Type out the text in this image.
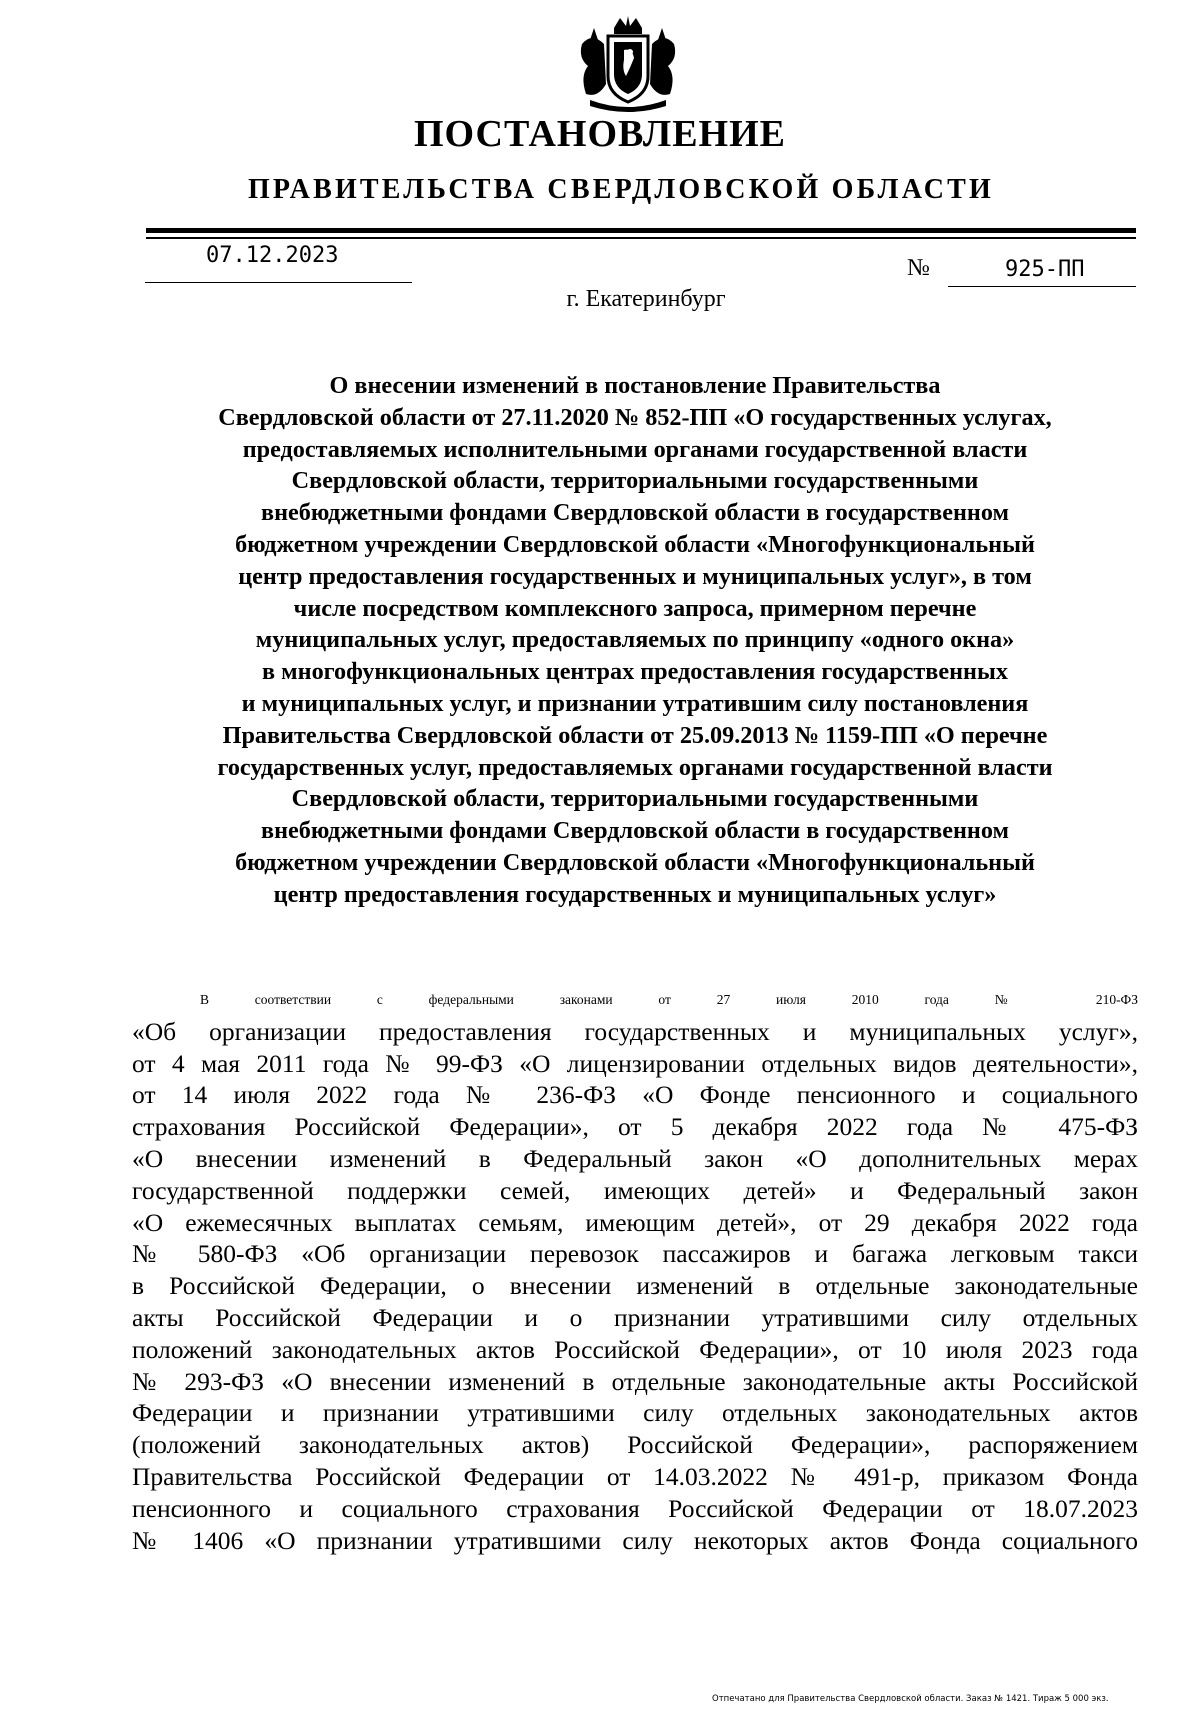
ПОСТАНОВЛЕНИЕ
ПРАВИТЕЛЬСТВА СВЕРДЛОВСКОЙ ОБЛАСТИ
07.12.2023	№	925-ПП
г. Екатеринбург
О внесении изменений в постановление Правительства
Свердловской области от 27.11.2020 № 852-ПП «О государственных услугах,
предоставляемых исполнительными органами государственной власти
Свердловской области, территориальными государственными
внебюджетными фондами Свердловской области в государственном
бюджетном учреждении Свердловской области «Многофункциональный
центр предоставления государственных и муниципальных услуг», в том
числе посредством комплексного запроса, примерном перечне
муниципальных услуг, предоставляемых по принципу «одного окна»
в многофункциональных центрах предоставления государственных
и муниципальных услуг, и признании утратившим силу постановления
Правительства Свердловской области от 25.09.2013 № 1159-ПП «О перечне
государственных услуг, предоставляемых органами государственной власти
Свердловской области, территориальными государственными
внебюджетными фондами Свердловской области в государственном
бюджетном учреждении Свердловской области «Многофункциональный
центр предоставления государственных и муниципальных услуг»
В соответствии с федеральными законами от 27 июля 2010 года № 210-ФЗ
«Об организации предоставления государственных и муниципальных услуг»,
от 4 мая 2011 года № 99-ФЗ «О лицензировании отдельных видов деятельности»,
от 14 июля 2022 года № 236-ФЗ «О Фонде пенсионного и социального
страхования Российской Федерации», от 5 декабря 2022 года № 475-ФЗ
«О внесении изменений в Федеральный закон «О дополнительных мерах
государственной поддержки семей, имеющих детей» и Федеральный закон
«О ежемесячных выплатах семьям, имеющим детей», от 29 декабря 2022 года
№ 580-ФЗ «Об организации перевозок пассажиров и багажа легковым такси
в Российской Федерации, о внесении изменений в отдельные законодательные
акты Российской Федерации и о признании утратившими силу отдельных
положений законодательных актов Российской Федерации», от 10 июля 2023 года
№ 293-ФЗ «О внесении изменений в отдельные законодательные акты Российской
Федерации и признании утратившими силу отдельных законодательных актов
(положений законодательных актов) Российской Федерации», распоряжением
Правительства Российской Федерации от 14.03.2022 № 491-р, приказом Фонда
пенсионного и социального страхования Российской Федерации от 18.07.2023
№ 1406 «О признании утратившими силу некоторых актов Фонда социального
Отпечатано для Правительства Свердловской области. Заказ № 1421. Тираж 5 000 экз.
